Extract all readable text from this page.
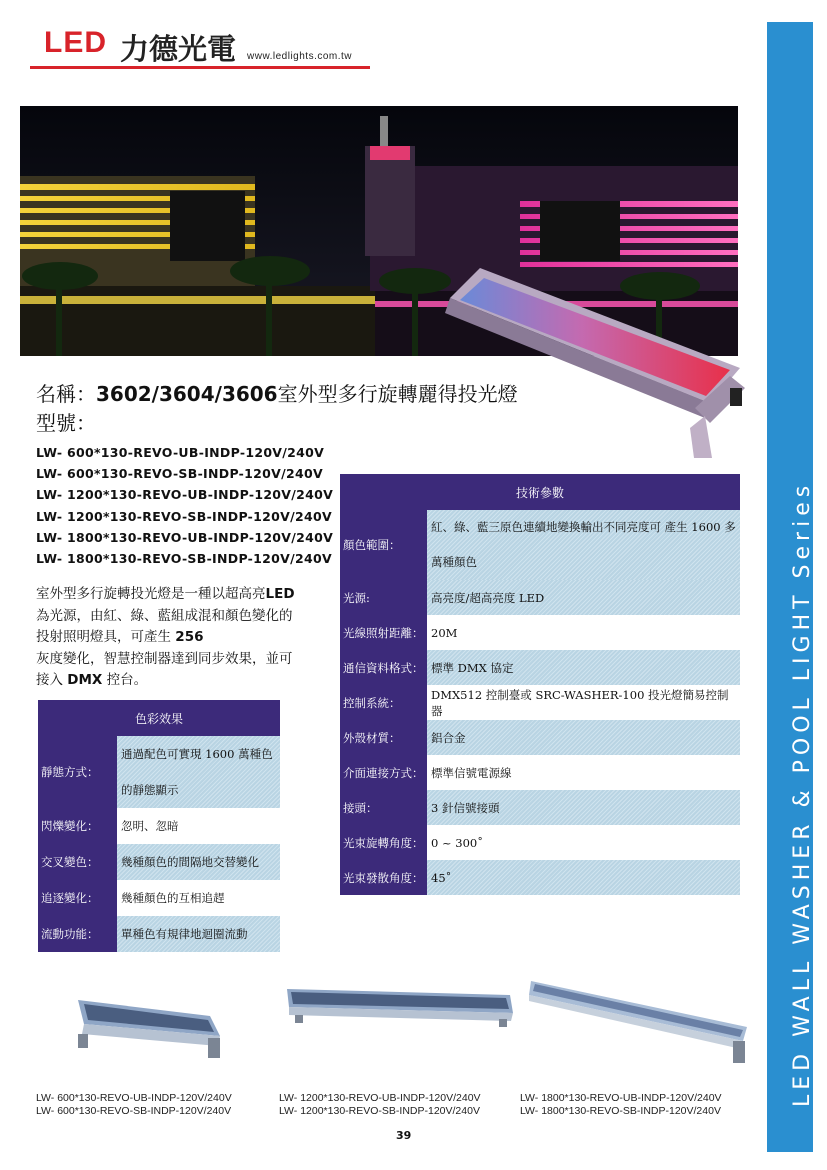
LED 力德光電 www.ledlights.com.tw
LED WALL WASHER & POOL LIGHT Series
名稱：3602/3604/3606室外型多行旋轉麗得投光燈
型號：
LW- 600*130-REVO-UB-INDP-120V/240V
LW- 600*130-REVO-SB-INDP-120V/240V
LW- 1200*130-REVO-UB-INDP-120V/240V
LW- 1200*130-REVO-SB-INDP-120V/240V
LW- 1800*130-REVO-UB-INDP-120V/240V
LW- 1800*130-REVO-SB-INDP-120V/240V
室外型多行旋轉投光燈是一種以超高亮LED為光源，由紅、綠、藍組成混和顏色變化的投射照明燈具，可產生 256
灰度變化，智慧控制器達到同步效果，並可接入 DMX 控台。
技術參數	
顏色範圍：	紅、綠、藍三原色連續地變換輸出不同亮度可 產生 1600 多萬種顏色
光源:	高亮度/超高亮度 LED
光線照射距離：	20M
通信資料格式：	標準 DMX 協定
控制系統：	DMX512 控制臺或 SRC-WASHER-100 投光燈簡易控制器
外殼材質：	鋁合金
介面連接方式：	標準信號電源線
接頭：	3 針信號接頭
光束旋轉角度：	0 ~ 300˚
光束發散角度：	45˚
色彩效果	
靜態方式：	通過配色可實現 1600 萬種色的靜態顯示
閃爍變化：	忽明、忽暗
交叉變色：	幾種顏色的間隔地交替變化
追逐變化：	幾種顏色的互相追趕
流動功能：	單種色有規律地迴圈流動
LW- 600*130-REVO-UB-INDP-120V/240V
LW- 600*130-REVO-SB-INDP-120V/240V
LW- 1200*130-REVO-UB-INDP-120V/240V
LW- 1200*130-REVO-SB-INDP-120V/240V
LW- 1800*130-REVO-UB-INDP-120V/240V
LW- 1800*130-REVO-SB-INDP-120V/240V
39
